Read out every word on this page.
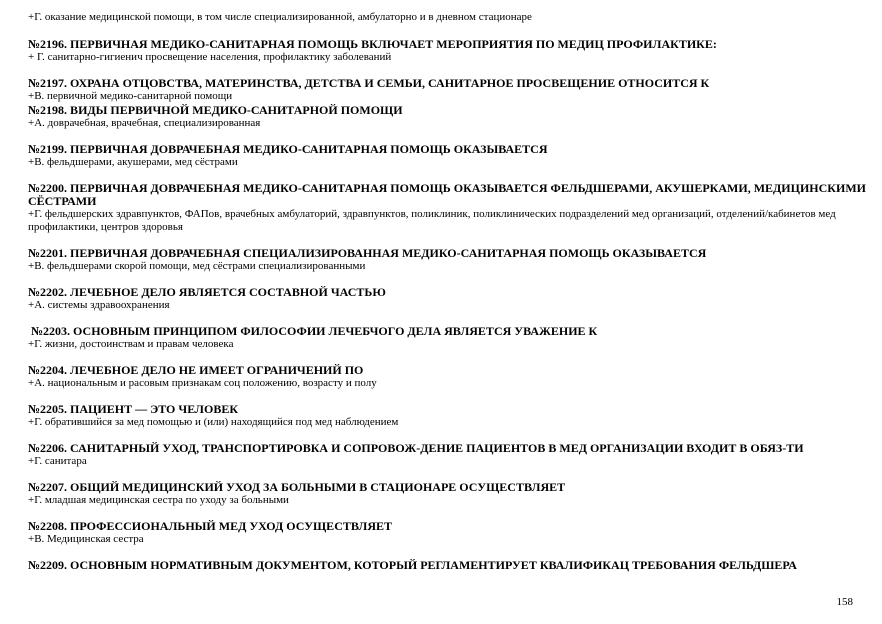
+Г. оказание медицинской помощи, в том числе специализированной, амбулаторно и в дневном стационаре
№2196. ПЕРВИЧНАЯ МЕДИКО-САНИТАРНАЯ ПОМОЩЬ ВКЛЮЧАЕТ МЕРОПРИЯТИЯ ПО МЕДИЦ ПРОФИЛАКТИКЕ:
+ Г. санитарно-гигиенич просвещение населения, профилактику заболеваний
№2197. ОХРАНА ОТЦОВСТВА, МАТЕРИНСТВА, ДЕТСТВА И СЕМЬИ, САНИТАРНОЕ ПРОСВЕЩЕНИЕ ОТНОСИТСЯ К
+В. первичной медико-санитарной помощи
№2198. ВИДЫ ПЕРВИЧНОЙ МЕДИКО-САНИТАРНОЙ ПОМОЩИ
+А. доврачебная, врачебная, специализированная
№2199. ПЕРВИЧНАЯ ДОВРАЧЕБНАЯ МЕДИКО-САНИТАРНАЯ ПОМОЩЬ ОКАЗЫВАЕТСЯ
+В. фельдшерами, акушерами, мед сёстрами
№2200. ПЕРВИЧНАЯ ДОВРАЧЕБНАЯ МЕДИКО-САНИТАРНАЯ ПОМОЩЬ ОКАЗЫВАЕТСЯ ФЕЛЬДШЕРАМИ, АКУШЕРКАМИ, МЕДИЦИНСКИМИ СЁСТРАМИ
+Г. фельдшерских здравпунктов, ФАПов, врачебных амбулаторий, здравпунктов, поликлиник, поликлинических подразделений мед организаций, отделений/кабинетов мед профилактики, центров здоровья
№2201. ПЕРВИЧНАЯ ДОВРАЧЕБНАЯ СПЕЦИАЛИЗИРОВАННАЯ МЕДИКО-САНИТАРНАЯ ПОМОЩЬ ОКАЗЫВАЕТСЯ
+В. фельдшерами скорой помощи, мед сёстрами специализированными
№2202. ЛЕЧЕБНОЕ ДЕЛО ЯВЛЯЕТСЯ СОСТАВНОЙ ЧАСТЬЮ
+А. системы здравоохранения
№2203. ОСНОВНЫМ ПРИНЦИПОМ ФИЛОСОФИИ ЛЕЧЕБЧОГО ДЕЛА ЯВЛЯЕТСЯ УВАЖЕНИЕ К
+Г. жизни, достоинствам и правам человека
№2204. ЛЕЧЕБНОЕ ДЕЛО НЕ ИМЕЕТ ОГРАНИЧЕНИЙ ПО
+А. национальным и расовым признакам соц положению, возрасту и полу
№2205. ПАЦИЕНТ — ЭТО ЧЕЛОВЕК
+Г. обратившийся за мед помощью и (или) находящийся под мед наблюдением
№2206. САНИТАРНЫЙ УХОД, ТРАНСПОРТИРОВКА И СОПРОВОЖ-ДЕНИЕ ПАЦИЕНТОВ В МЕД ОРГАНИЗАЦИИ ВХОДИТ В ОБЯЗ-ТИ
+Г. санитара
№2207. ОБЩИЙ МЕДИЦИНСКИЙ УХОД ЗА БОЛЬНЫМИ В СТАЦИОНАРЕ ОСУЩЕСТВЛЯЕТ
+Г. младшая медицинская сестра по уходу за больными
№2208. ПРОФЕССИОНАЛЬНЫЙ МЕД УХОД ОСУЩЕСТВЛЯЕТ
+В. Медицинская сестра
№2209. ОСНОВНЫМ НОРМАТИВНЫМ ДОКУМЕНТОМ, КОТОРЫЙ РЕГЛАМЕНТИРУЕТ КВАЛИФИКАЦ ТРЕБОВАНИЯ ФЕЛЬДШЕРА
158
